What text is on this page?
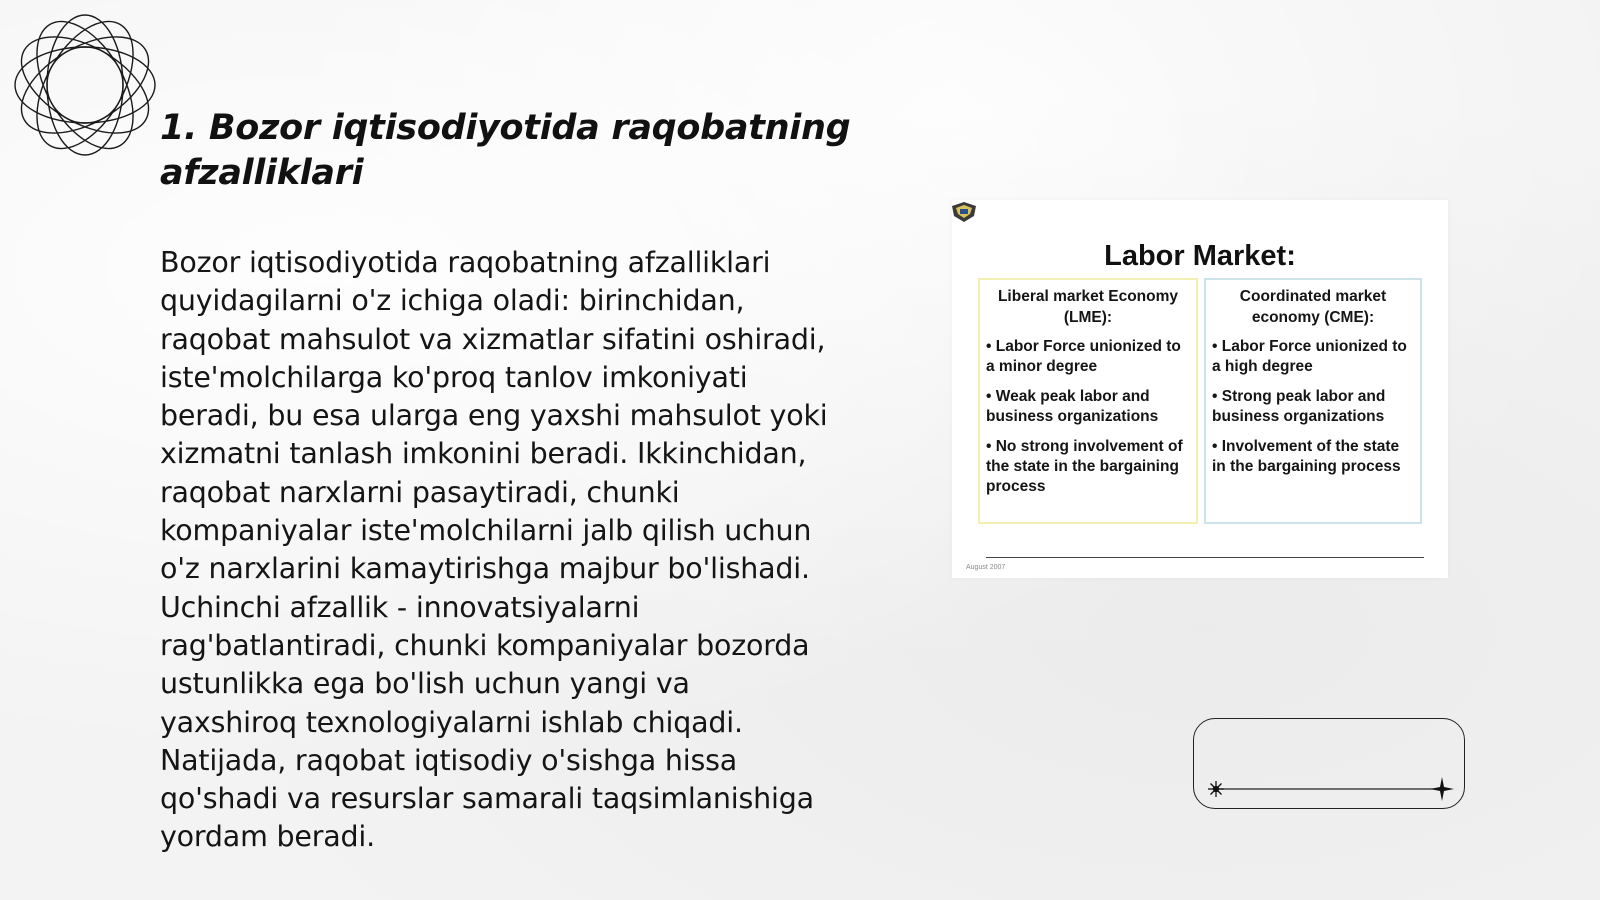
1. Bozor iqtisodiyotida raqobatning afzalliklari

Bozor iqtisodiyotida raqobatning afzalliklari quyidagilarni o'z ichiga oladi: birinchidan, raqobat mahsulot va xizmatlar sifatini oshiradi, iste'molchilarga ko'proq tanlov imkoniyati beradi, bu esa ularga eng yaxshi mahsulot yoki xizmatni tanlash imkonini beradi. Ikkinchidan, raqobat narxlarni pasaytiradi, chunki kompaniyalar iste'molchilarni jalb qilish uchun o'z narxlarini kamaytirishga majbur bo'lishadi. Uchinchi afzallik - innovatsiyalarni rag'batlantiradi, chunki kompaniyalar bozorda ustunlikka ega bo'lish uchun yangi va yaxshiroq texnologiyalarni ishlab chiqadi. Natijada, raqobat iqtisodiy o'sishga hissa qo'shadi va resurslar samarali taqsimlanishiga yordam beradi.

Labor Market:
Liberal market Economy (LME):
• Labor Force unionized to a minor degree
• Weak peak labor and business organizations
• No strong involvement of the state in the bargaining process
Coordinated market economy (CME):
• Labor Force unionized to a high degree
• Strong peak labor and business organizations
• Involvement of the state in the bargaining process
August 2007
